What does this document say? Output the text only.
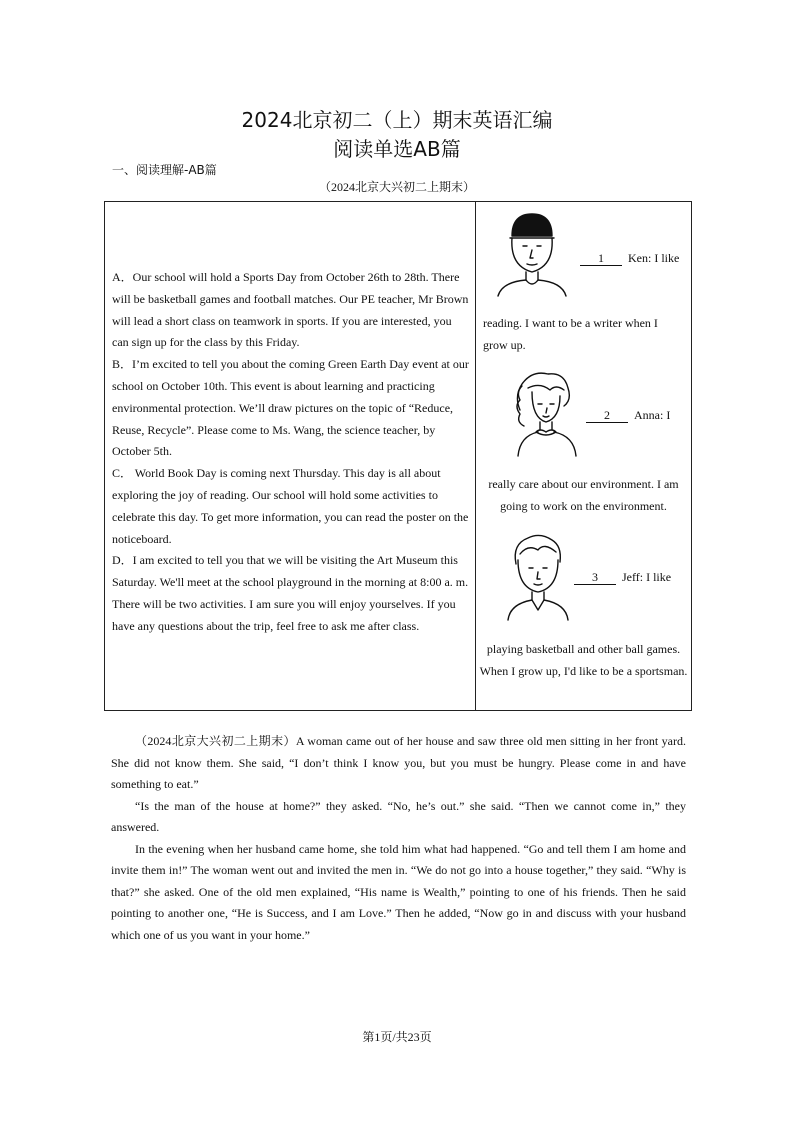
2024北京初二（上）期末英语汇编
阅读单选AB篇
一、阅读理解-AB篇
（2024北京大兴初二上期末）

A．Our school will hold a Sports Day from October 26th to 28th. There will be basketball games and football matches. Our PE teacher, Mr Brown will lead a short class on teamwork in sports. If you are interested, you can sign up for the class by this Friday.

B．I’m excited to tell you about the coming Green Earth Day event at our school on October 10th. This event is about learning and practicing environmental protection. We’ll draw pictures on the topic of “Reduce, Reuse, Recycle”. Please come to Ms. Wang, the science teacher, by October 5th.

C． World Book Day is coming next Thursday. This day is all about exploring the joy of reading. Our school will hold some activities to celebrate this day. To get more information, you can read the poster on the noticeboard.

D．I am excited to tell you that we will be visiting the Art Museum this Saturday. We'll meet at the school playground in the morning at 8:00 a. m. There will be two activities. I am sure you will enjoy yourselves. If you have any questions about the trip, feel free to ask me after class.

1 Ken: I like
reading. I want to be a writer when I grow up.
2 Anna: I
really care about our environment. I am going to work on the environment.
3 Jeff: I like
playing basketball and other ball games. When I grow up, I'd like to be a sportsman.

（2024北京大兴初二上期末）A woman came out of her house and saw three old men sitting in her front yard. She did not know them. She said, “I don’t think I know you, but you must be hungry. Please come in and have something to eat.”

“Is the man of the house at home?” they asked. “No, he’s out.” she said. “Then we cannot come in,” they answered.

In the evening when her husband came home, she told him what had happened. “Go and tell them I am home and invite them in!” The woman went out and invited the men in. “We do not go into a house together,” they said. “Why is that?” she asked. One of the old men explained, “His name is Wealth,” pointing to one of his friends. Then he said pointing to another one, “He is Success, and I am Love.” Then he added, “Now go in and discuss with your husband which one of us you want in your home.”

第1页/共23页
